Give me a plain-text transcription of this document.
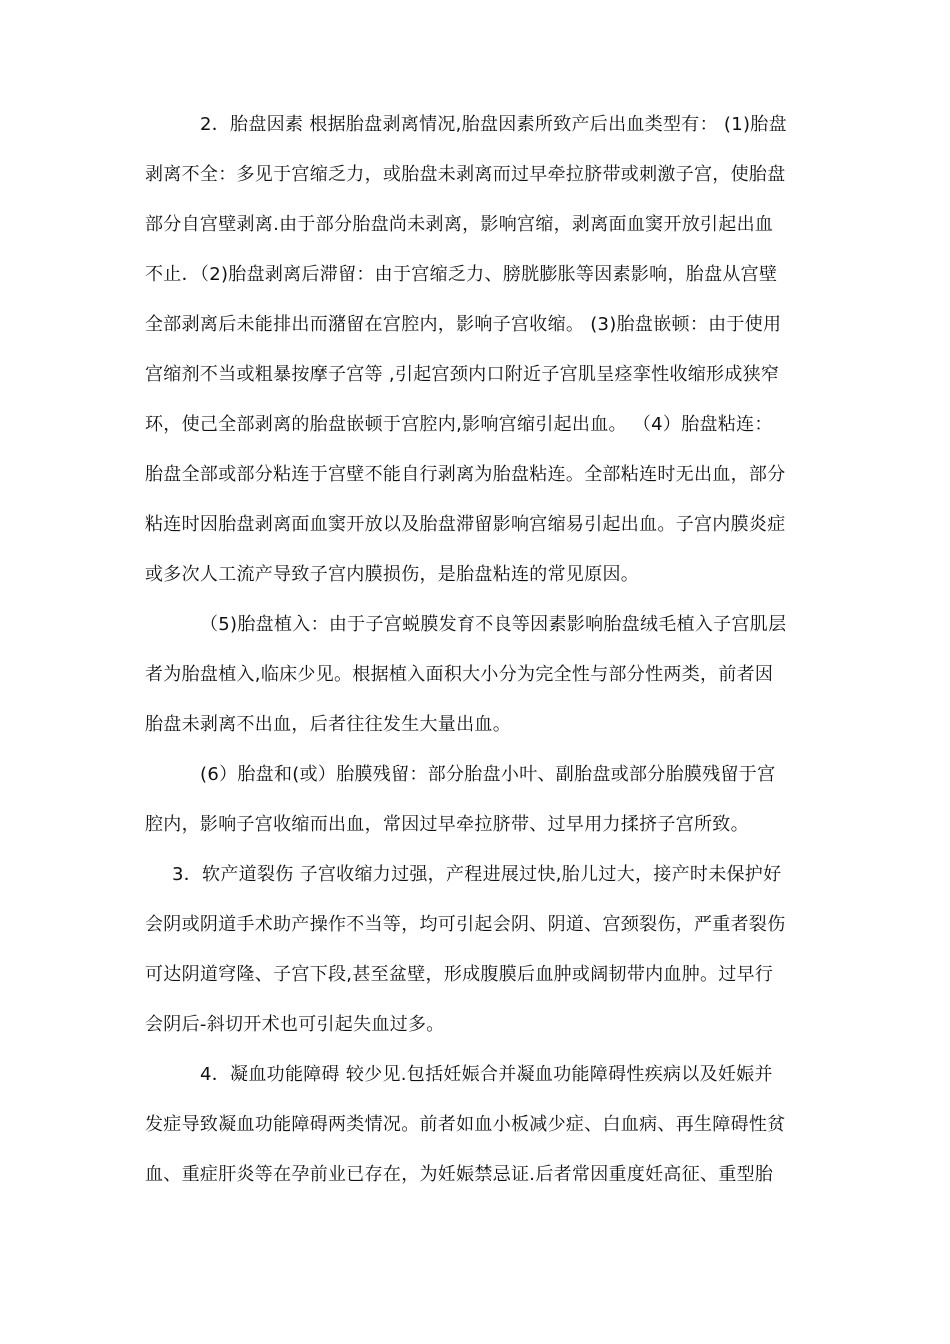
2．胎盘因素 根据胎盘剥离情况,胎盘因素所致产后出血类型有： (1)胎盘
剥离不全：多见于宫缩乏力，或胎盘未剥离而过早牵拉脐带或刺激子宫，使胎盘
部分自宫壁剥离.由于部分胎盘尚未剥离，影响宫缩，剥离面血窦开放引起出血
不止．（2)胎盘剥离后滞留：由于宫缩乏力、膀胱膨胀等因素影响，胎盘从宫壁
全部剥离后未能排出而潴留在宫腔内，影响子宫收缩。 (3)胎盘嵌顿：由于使用
宫缩剂不当或粗暴按摩子宫等 ,引起宫颈内口附近子宫肌呈痉挛性收缩形成狭窄
环，使己全部剥离的胎盘嵌顿于宫腔内,影响宫缩引起出血。 （4）胎盘粘连：
胎盘全部或部分粘连于宫壁不能自行剥离为胎盘粘连。全部粘连时无出血，部分
粘连时因胎盘剥离面血窦开放以及胎盘滞留影响宫缩易引起出血。子宫内膜炎症
或多次人工流产导致子宫内膜损伤，是胎盘粘连的常见原因。
（5)胎盘植入：由于子宫蜕膜发育不良等因素影响胎盘绒毛植入子宫肌层
者为胎盘植入,临床少见。根据植入面积大小分为完全性与部分性两类，前者因
胎盘未剥离不出血，后者往往发生大量出血。
(6）胎盘和(或）胎膜残留：部分胎盘小叶、副胎盘或部分胎膜残留于宫
腔内，影响子宫收缩而出血，常因过早牵拉脐带、过早用力揉挤子宫所致。
3．软产道裂伤 子宫收缩力过强，产程进展过快,胎儿过大，接产时未保护好
会阴或阴道手术助产操作不当等，均可引起会阴、阴道、宫颈裂伤，严重者裂伤
可达阴道穹隆、子宫下段,甚至盆壁，形成腹膜后血肿或阔韧带内血肿。过早行
会阴后-斜切开术也可引起失血过多。
4．凝血功能障碍 较少见.包括妊娠合并凝血功能障碍性疾病以及妊娠并
发症导致凝血功能障碍两类情况。前者如血小板减少症、白血病、再生障碍性贫
血、重症肝炎等在孕前业已存在，为妊娠禁忌证.后者常因重度妊高征、重型胎
